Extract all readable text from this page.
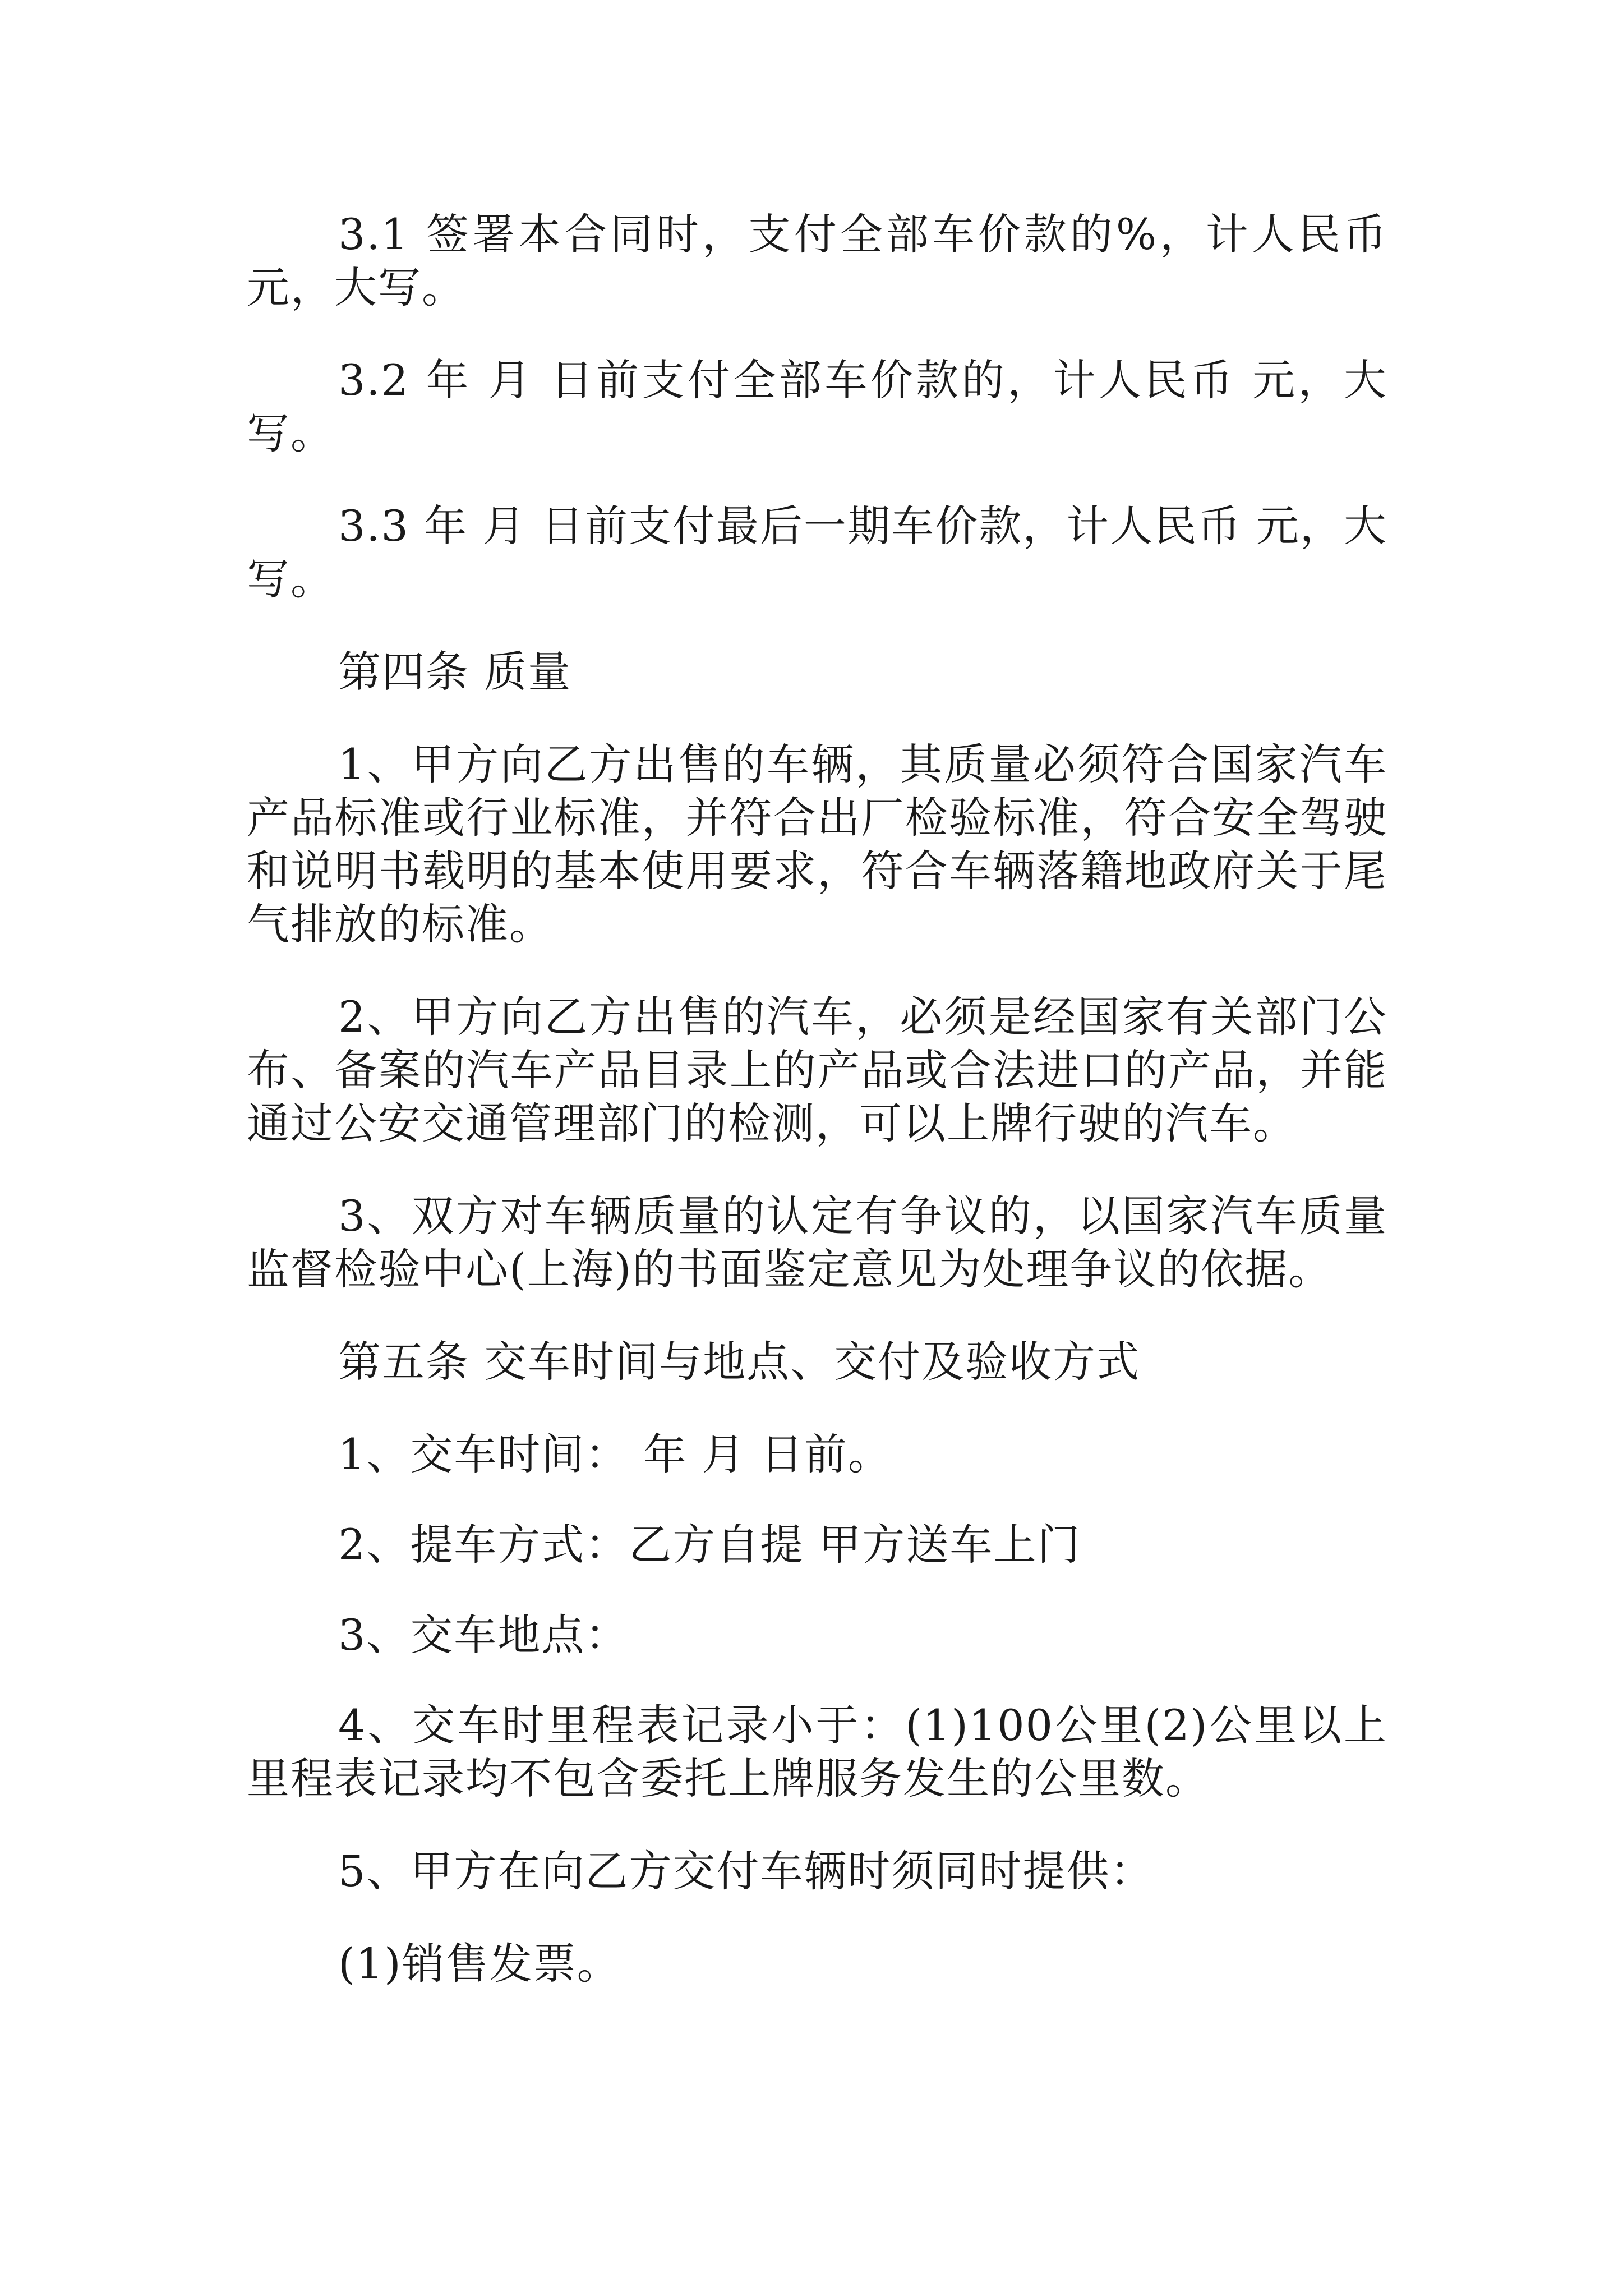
3.1 签署本合同时，支付全部车价款的%，计人民币 元，大写。

3.2 年 月 日前支付全部车价款的，计人民币 元，大写。

3.3 年 月 日前支付最后一期车价款，计人民币 元，大写。

第四条 质量

1、甲方向乙方出售的车辆，其质量必须符合国家汽车产品标准或行业标准，并符合出厂检验标准，符合安全驾驶和说明书载明的基本使用要求，符合车辆落籍地政府关于尾气排放的标准。

2、甲方向乙方出售的汽车，必须是经国家有关部门公布、备案的汽车产品目录上的产品或合法进口的产品，并能通过公安交通管理部门的检测，可以上牌行驶的汽车。

3、双方对车辆质量的认定有争议的，以国家汽车质量监督检验中心(上海)的书面鉴定意见为处理争议的依据。

第五条 交车时间与地点、交付及验收方式

1、交车时间： 年 月 日前。

2、提车方式：乙方自提 甲方送车上门

3、交车地点：

4、交车时里程表记录小于：(1)100公里(2)公里以上里程表记录均不包含委托上牌服务发生的公里数。

5、甲方在向乙方交付车辆时须同时提供：

(1)销售发票。
